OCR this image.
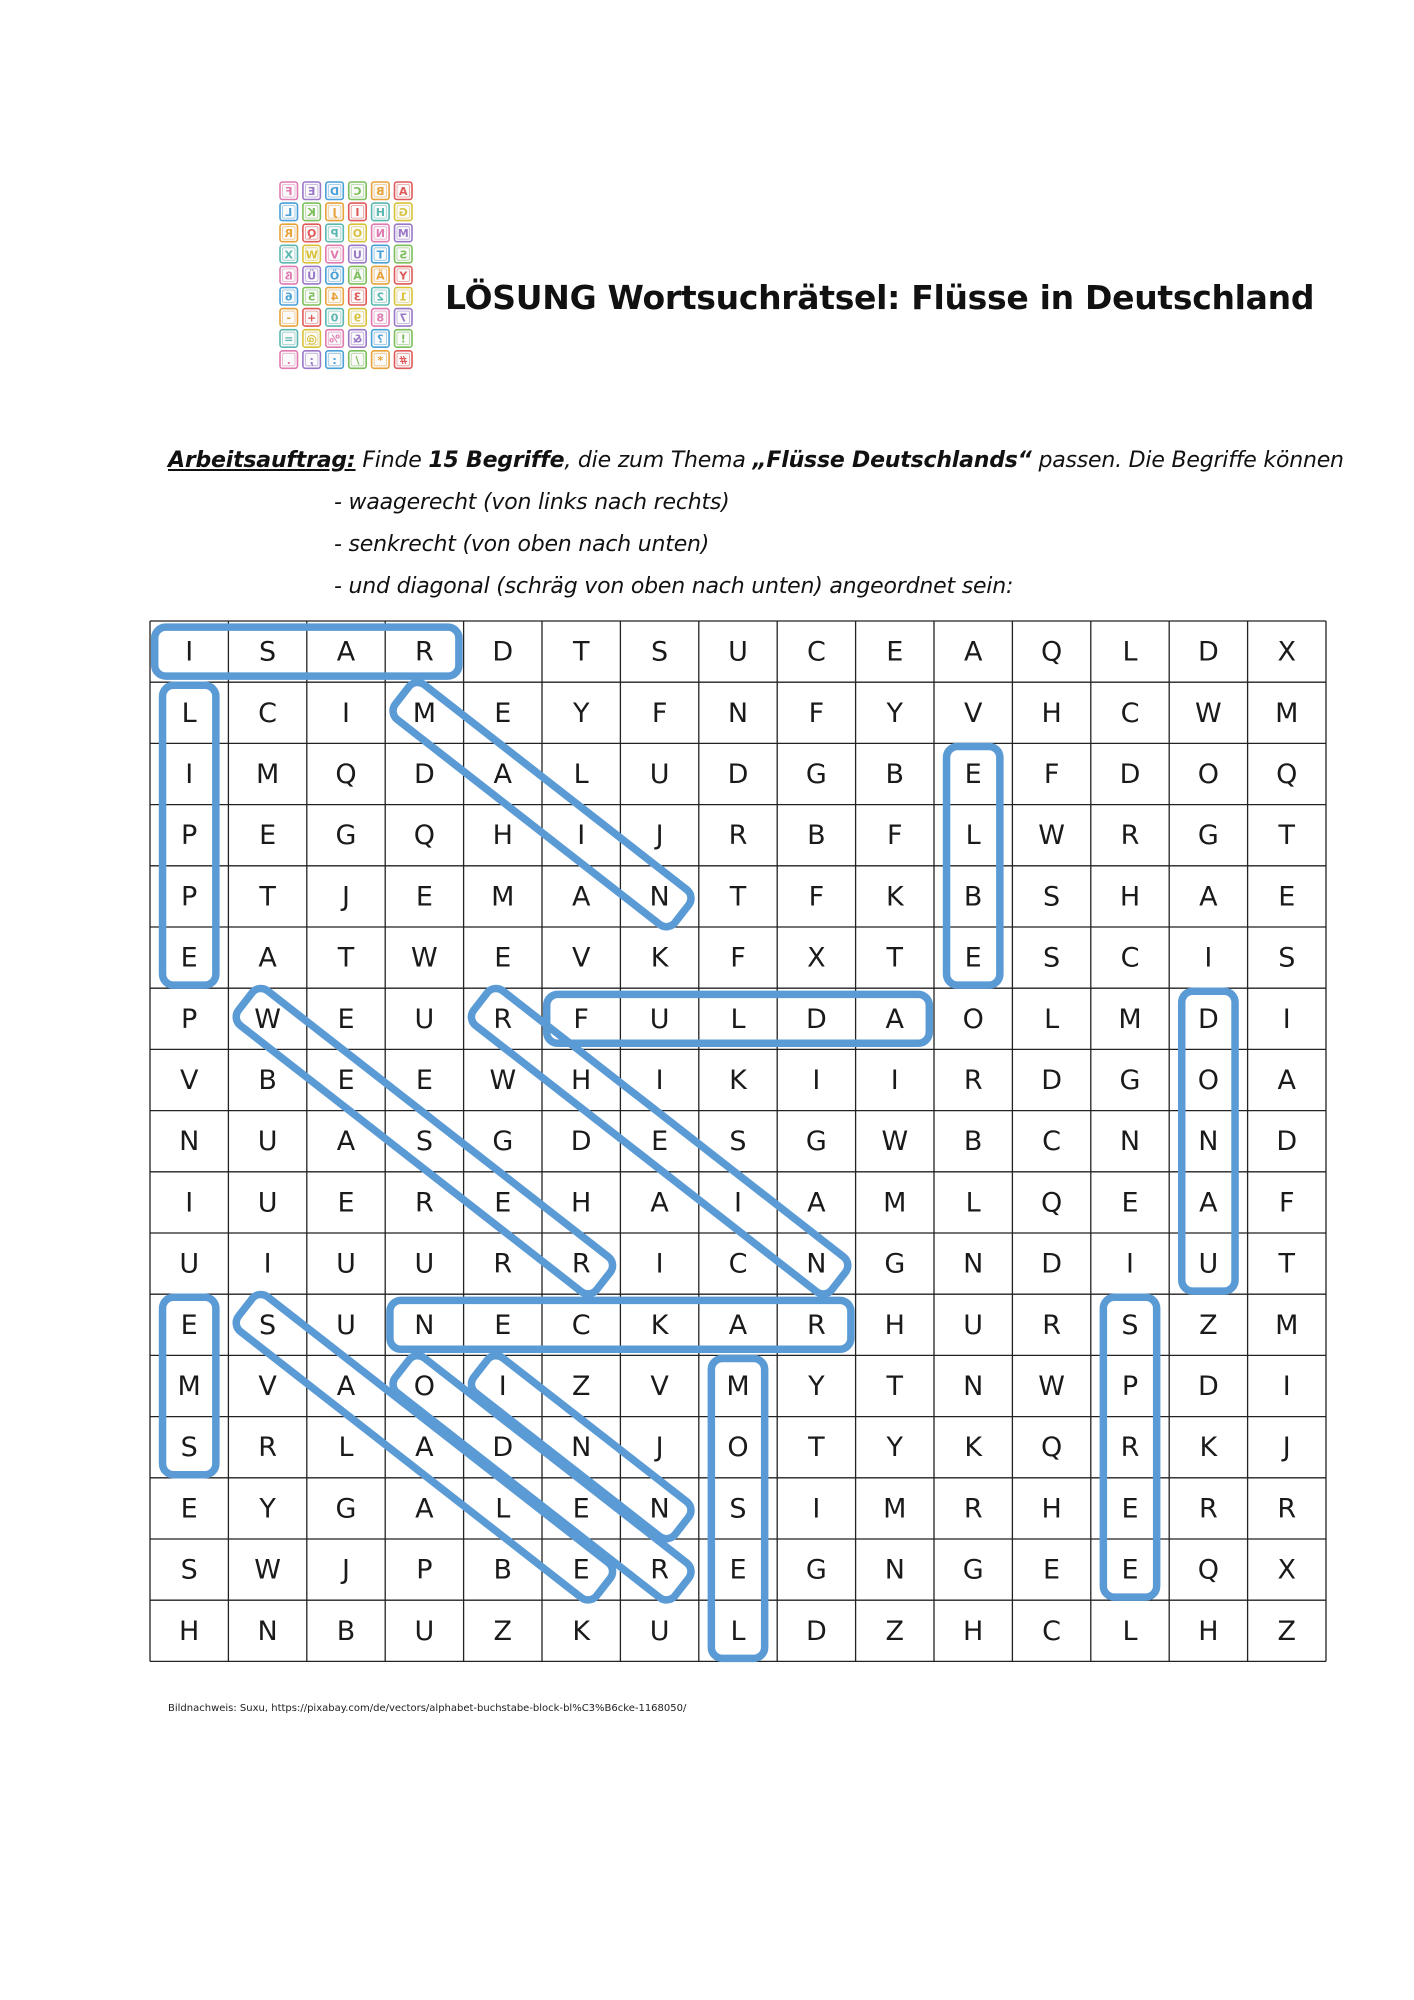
A
B
C
D
E
F
G
H
I
J
K
L
M
N
O
P
Q
R
S
T
U
V
W
X
Y
Ä
Ä
Ö
Ü
ß
1
2
3
4
5
6
7
8
9
0
+
-
!
?
&
%
@
=
#
*
/
:
;
.
LÖSUNG Wortsuchrätsel: Flüsse in Deutschland
Arbeitsauftrag: Finde 15 Begriffe, die zum Thema „Flüsse Deutschlands“ passen. Die Begriffe können
- waagerecht (von links nach rechts)
- senkrecht (von oben nach unten)
- und diagonal (schräg von oben nach unten) angeordnet sein:
I S A R D T S U C E A Q L D X
L C I M E Y F N F Y V H C W M
I M Q D A L U D G B E F D O Q
P E G Q H I	J R B F L W R G T
P T J E M A N T F K B S H A E
E A T W E V K F X T E S C I S
P W E U R F U L D A O L M D I
V B E E W H I K I	I R D G O A
N U A S G D E S G W B C N N D
I U E R E H A I A M L Q E A F
U I U U R R I C N G N D I U T
E S U N E C K A R H U R S Z M
M V A O I Z V M Y T N W P D I
S R L A D N J O T Y K Q R K J
E Y G A L E N S I M R H E R R
S W J P B E R E G N G E E Q X
H N B U Z K U L D Z H C L H Z
Bildnachweis: Suxu, https://pixabay.com/de/vectors/alphabet-buchstabe-block-bl%C3%B6cke-1168050/
